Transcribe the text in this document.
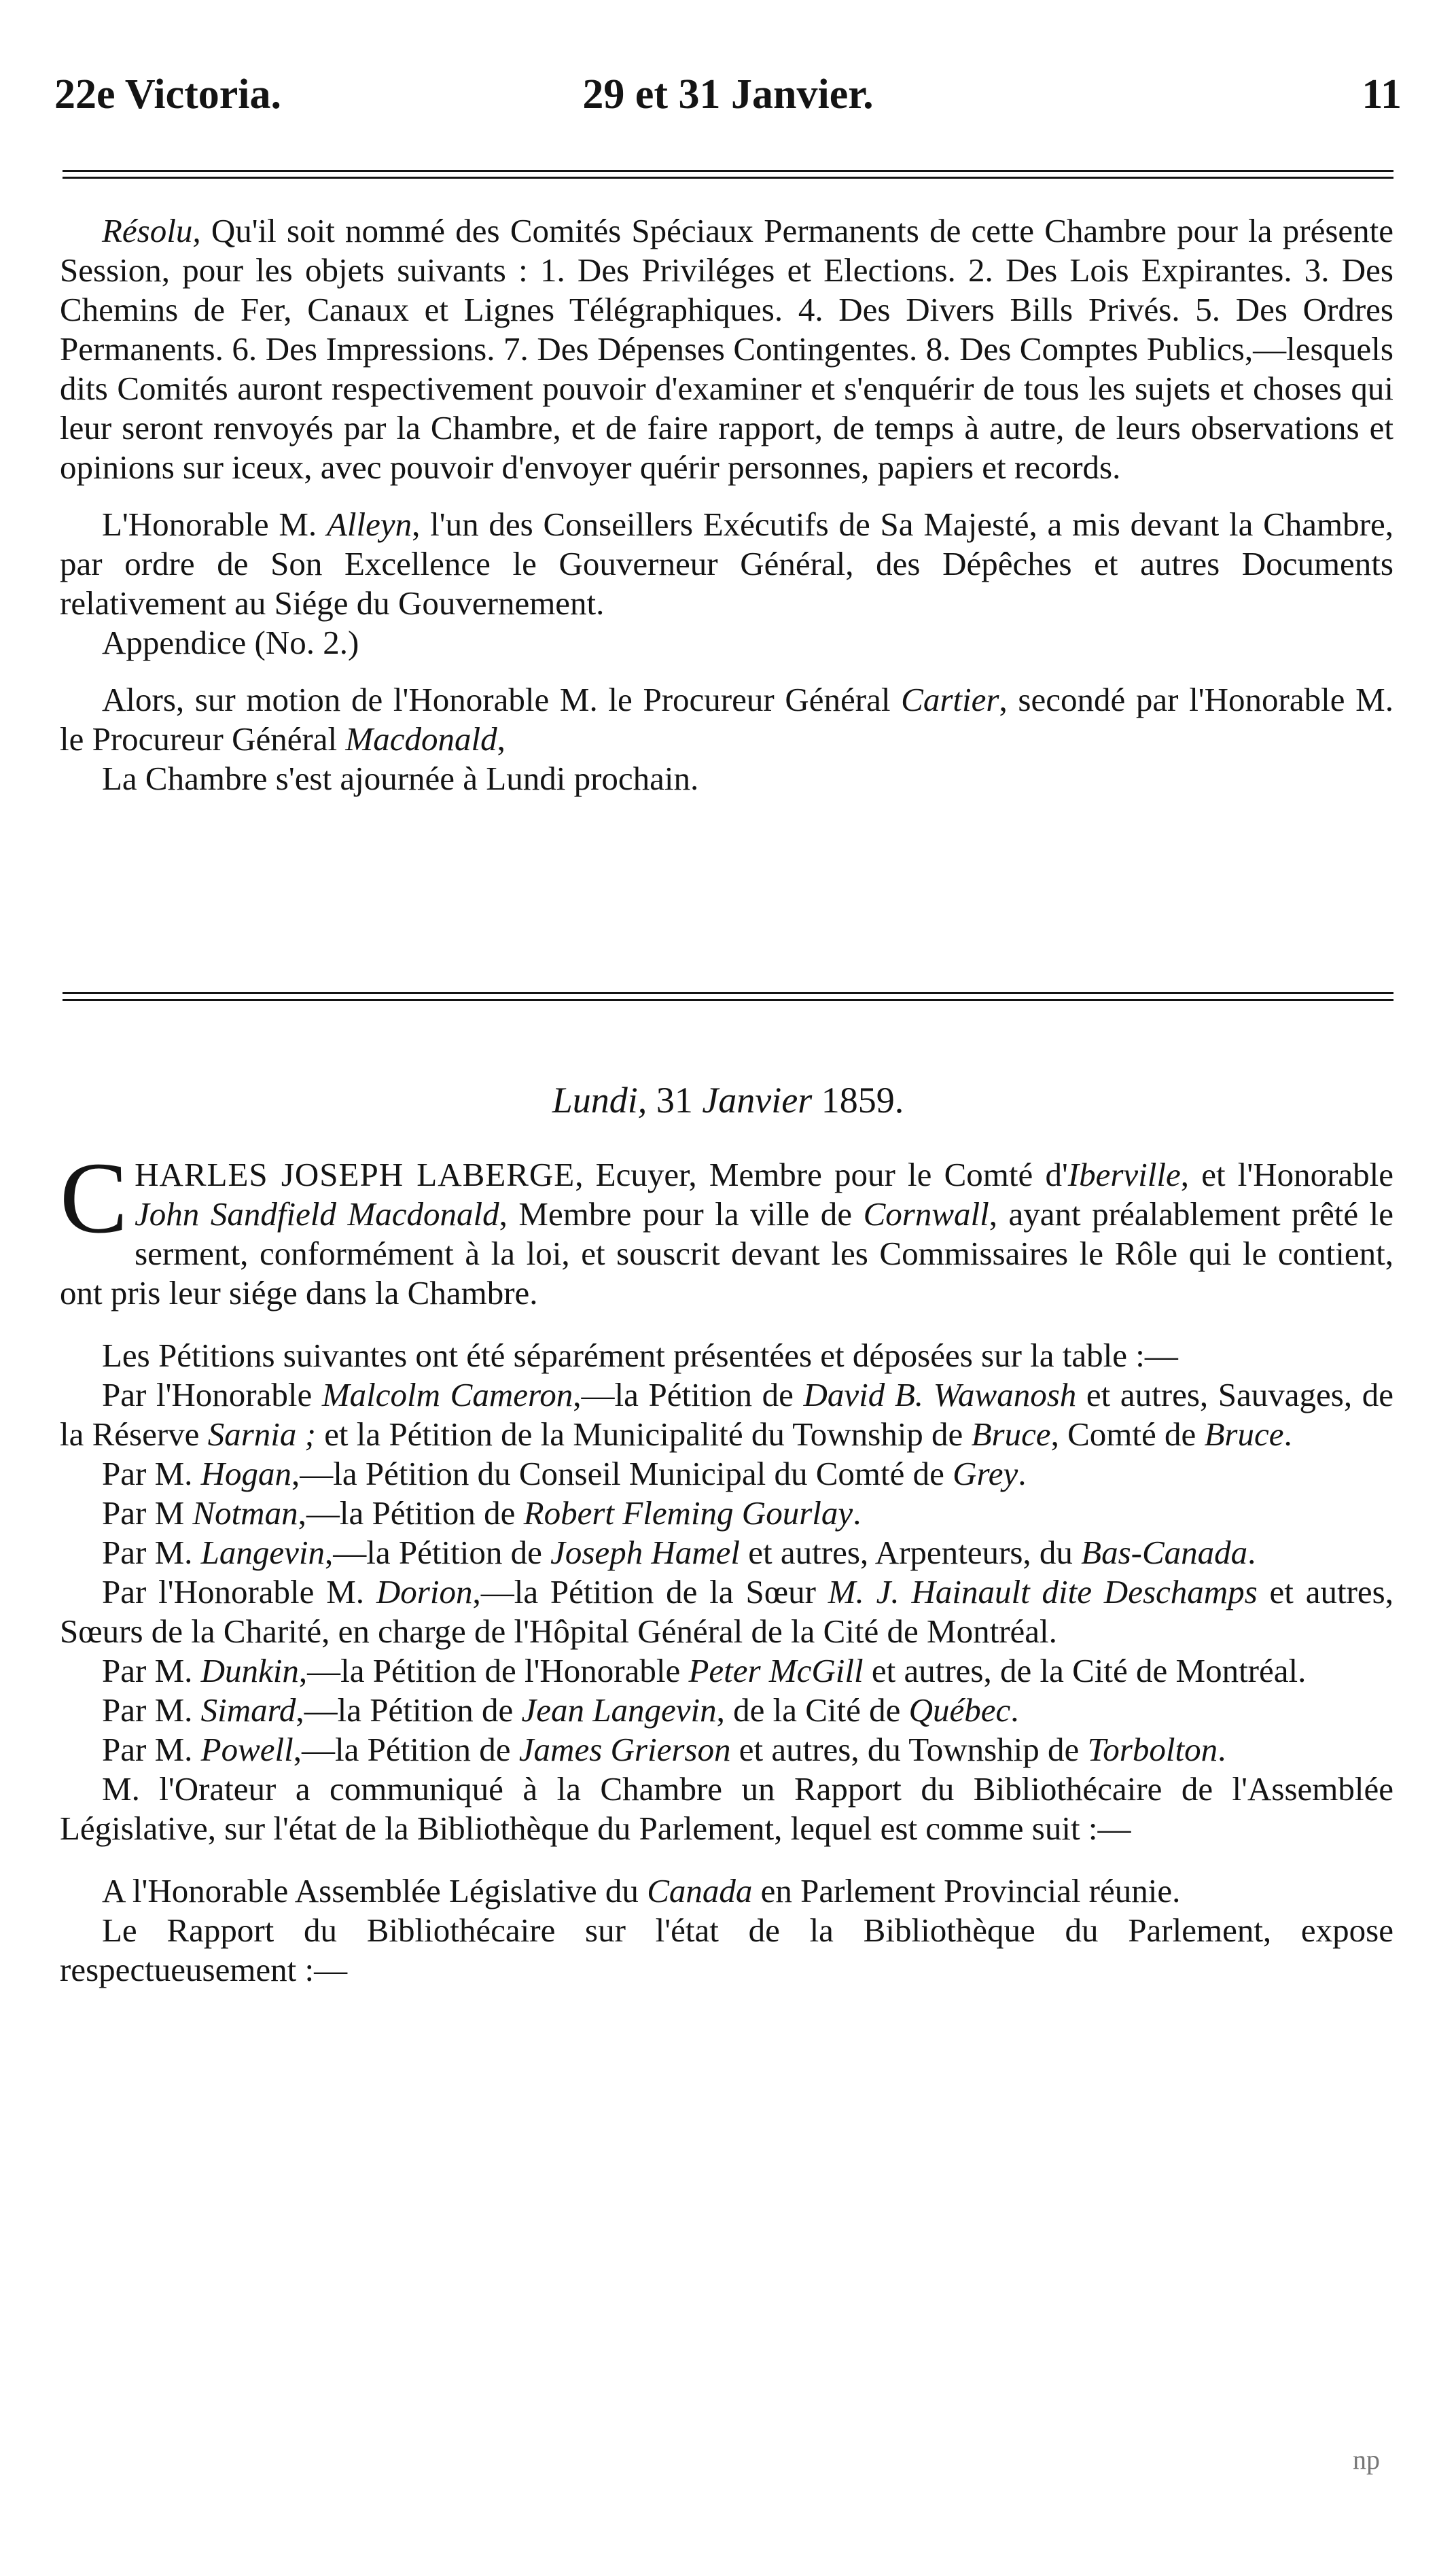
29 et 31 Janvier.
22e Victoria.	11

Résolu, Qu'il soit nommé des Comités Spéciaux Permanents de cette Chambre pour la présente Session, pour les objets suivants : 1. Des Priviléges et Elections. 2. Des Lois Expirantes. 3. Des Chemins de Fer, Canaux et Lignes Télégraphiques. 4. Des Divers Bills Privés. 5. Des Ordres Permanents. 6. Des Impressions. 7. Des Dépenses Contingentes. 8. Des Comptes Publics,—lesquels dits Comités auront respectivement pouvoir d'examiner et s'enquérir de tous les sujets et choses qui leur seront renvoyés par la Chambre, et de faire rapport, de temps à autre, de leurs observations et opinions sur iceux, avec pouvoir d'envoyer quérir personnes, papiers et records.

L'Honorable M. Alleyn, l'un des Conseillers Exécutifs de Sa Majesté, a mis devant la Chambre, par ordre de Son Excellence le Gouverneur Général, des Dépêches et autres Documents relativement au Siége du Gouvernement.

Appendice (No. 2.)

Alors, sur motion de l'Honorable M. le Procureur Général Cartier, secondé par l'Honorable M. le Procureur Général Macdonald,

La Chambre s'est ajournée à Lundi prochain.

Lundi, 31 Janvier 1859.

CHARLES JOSEPH LABERGE, Ecuyer, Membre pour le Comté d'Iberville, et l'Honorable John Sandfield Macdonald, Membre pour la ville de Cornwall, ayant préalablement prêté le serment, conformément à la loi, et souscrit devant les Commissaires le Rôle qui le contient, ont pris leur siége dans la Chambre.

Les Pétitions suivantes ont été séparément présentées et déposées sur la table :—

Par l'Honorable Malcolm Cameron,—la Pétition de David B. Wawanosh et autres, Sauvages, de la Réserve Sarnia ; et la Pétition de la Municipalité du Township de Bruce, Comté de Bruce.

Par M. Hogan,—la Pétition du Conseil Municipal du Comté de Grey.

Par M Notman,—la Pétition de Robert Fleming Gourlay.

Par M. Langevin,—la Pétition de Joseph Hamel et autres, Arpenteurs, du Bas-Canada.

Par l'Honorable M. Dorion,—la Pétition de la Sœur M. J. Hainault dite Deschamps et autres, Sœurs de la Charité, en charge de l'Hôpital Général de la Cité de Montréal.

Par M. Dunkin,—la Pétition de l'Honorable Peter McGill et autres, de la Cité de Montréal.

Par M. Simard,—la Pétition de Jean Langevin, de la Cité de Québec.

Par M. Powell,—la Pétition de James Grierson et autres, du Township de Torbolton.

M. l'Orateur a communiqué à la Chambre un Rapport du Bibliothécaire de l'Assemblée Législative, sur l'état de la Bibliothèque du Parlement, lequel est comme suit :—

A l'Honorable Assemblée Législative du Canada en Parlement Provincial réunie.

Le Rapport du Bibliothécaire sur l'état de la Bibliothèque du Parlement, expose respectueusement :—

np
